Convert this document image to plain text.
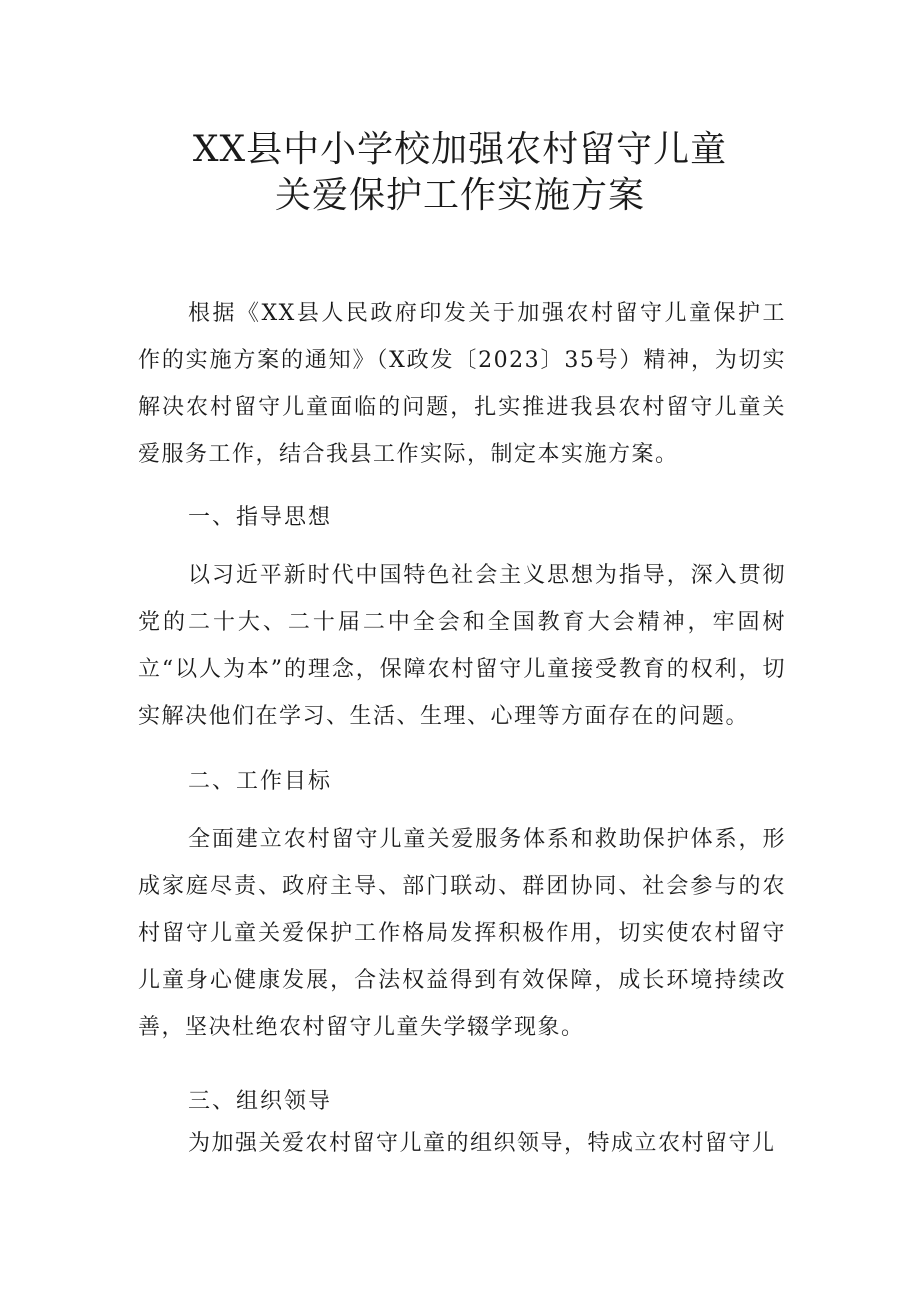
XX县中小学校加强农村留守儿童
关爱保护工作实施方案

根据《XX县人民政府印发关于加强农村留守儿童保护工作的实施方案的通知》（X政发〔2023〕35号）精神，为切实解决农村留守儿童面临的问题，扎实推进我县农村留守儿童关爱服务工作，结合我县工作实际，制定本实施方案。

一、指导思想

以习近平新时代中国特色社会主义思想为指导，深入贯彻党的二十大、二十届二中全会和全国教育大会精神，牢固树立“以人为本”的理念，保障农村留守儿童接受教育的权利，切实解决他们在学习、生活、生理、心理等方面存在的问题。

二、工作目标

全面建立农村留守儿童关爱服务体系和救助保护体系，形成家庭尽责、政府主导、部门联动、群团协同、社会参与的农村留守儿童关爱保护工作格局发挥积极作用，切实使农村留守儿童身心健康发展，合法权益得到有效保障，成长环境持续改善，坚决杜绝农村留守儿童失学辍学现象。

三、组织领导

为加强关爱农村留守儿童的组织领导，特成立农村留守儿
